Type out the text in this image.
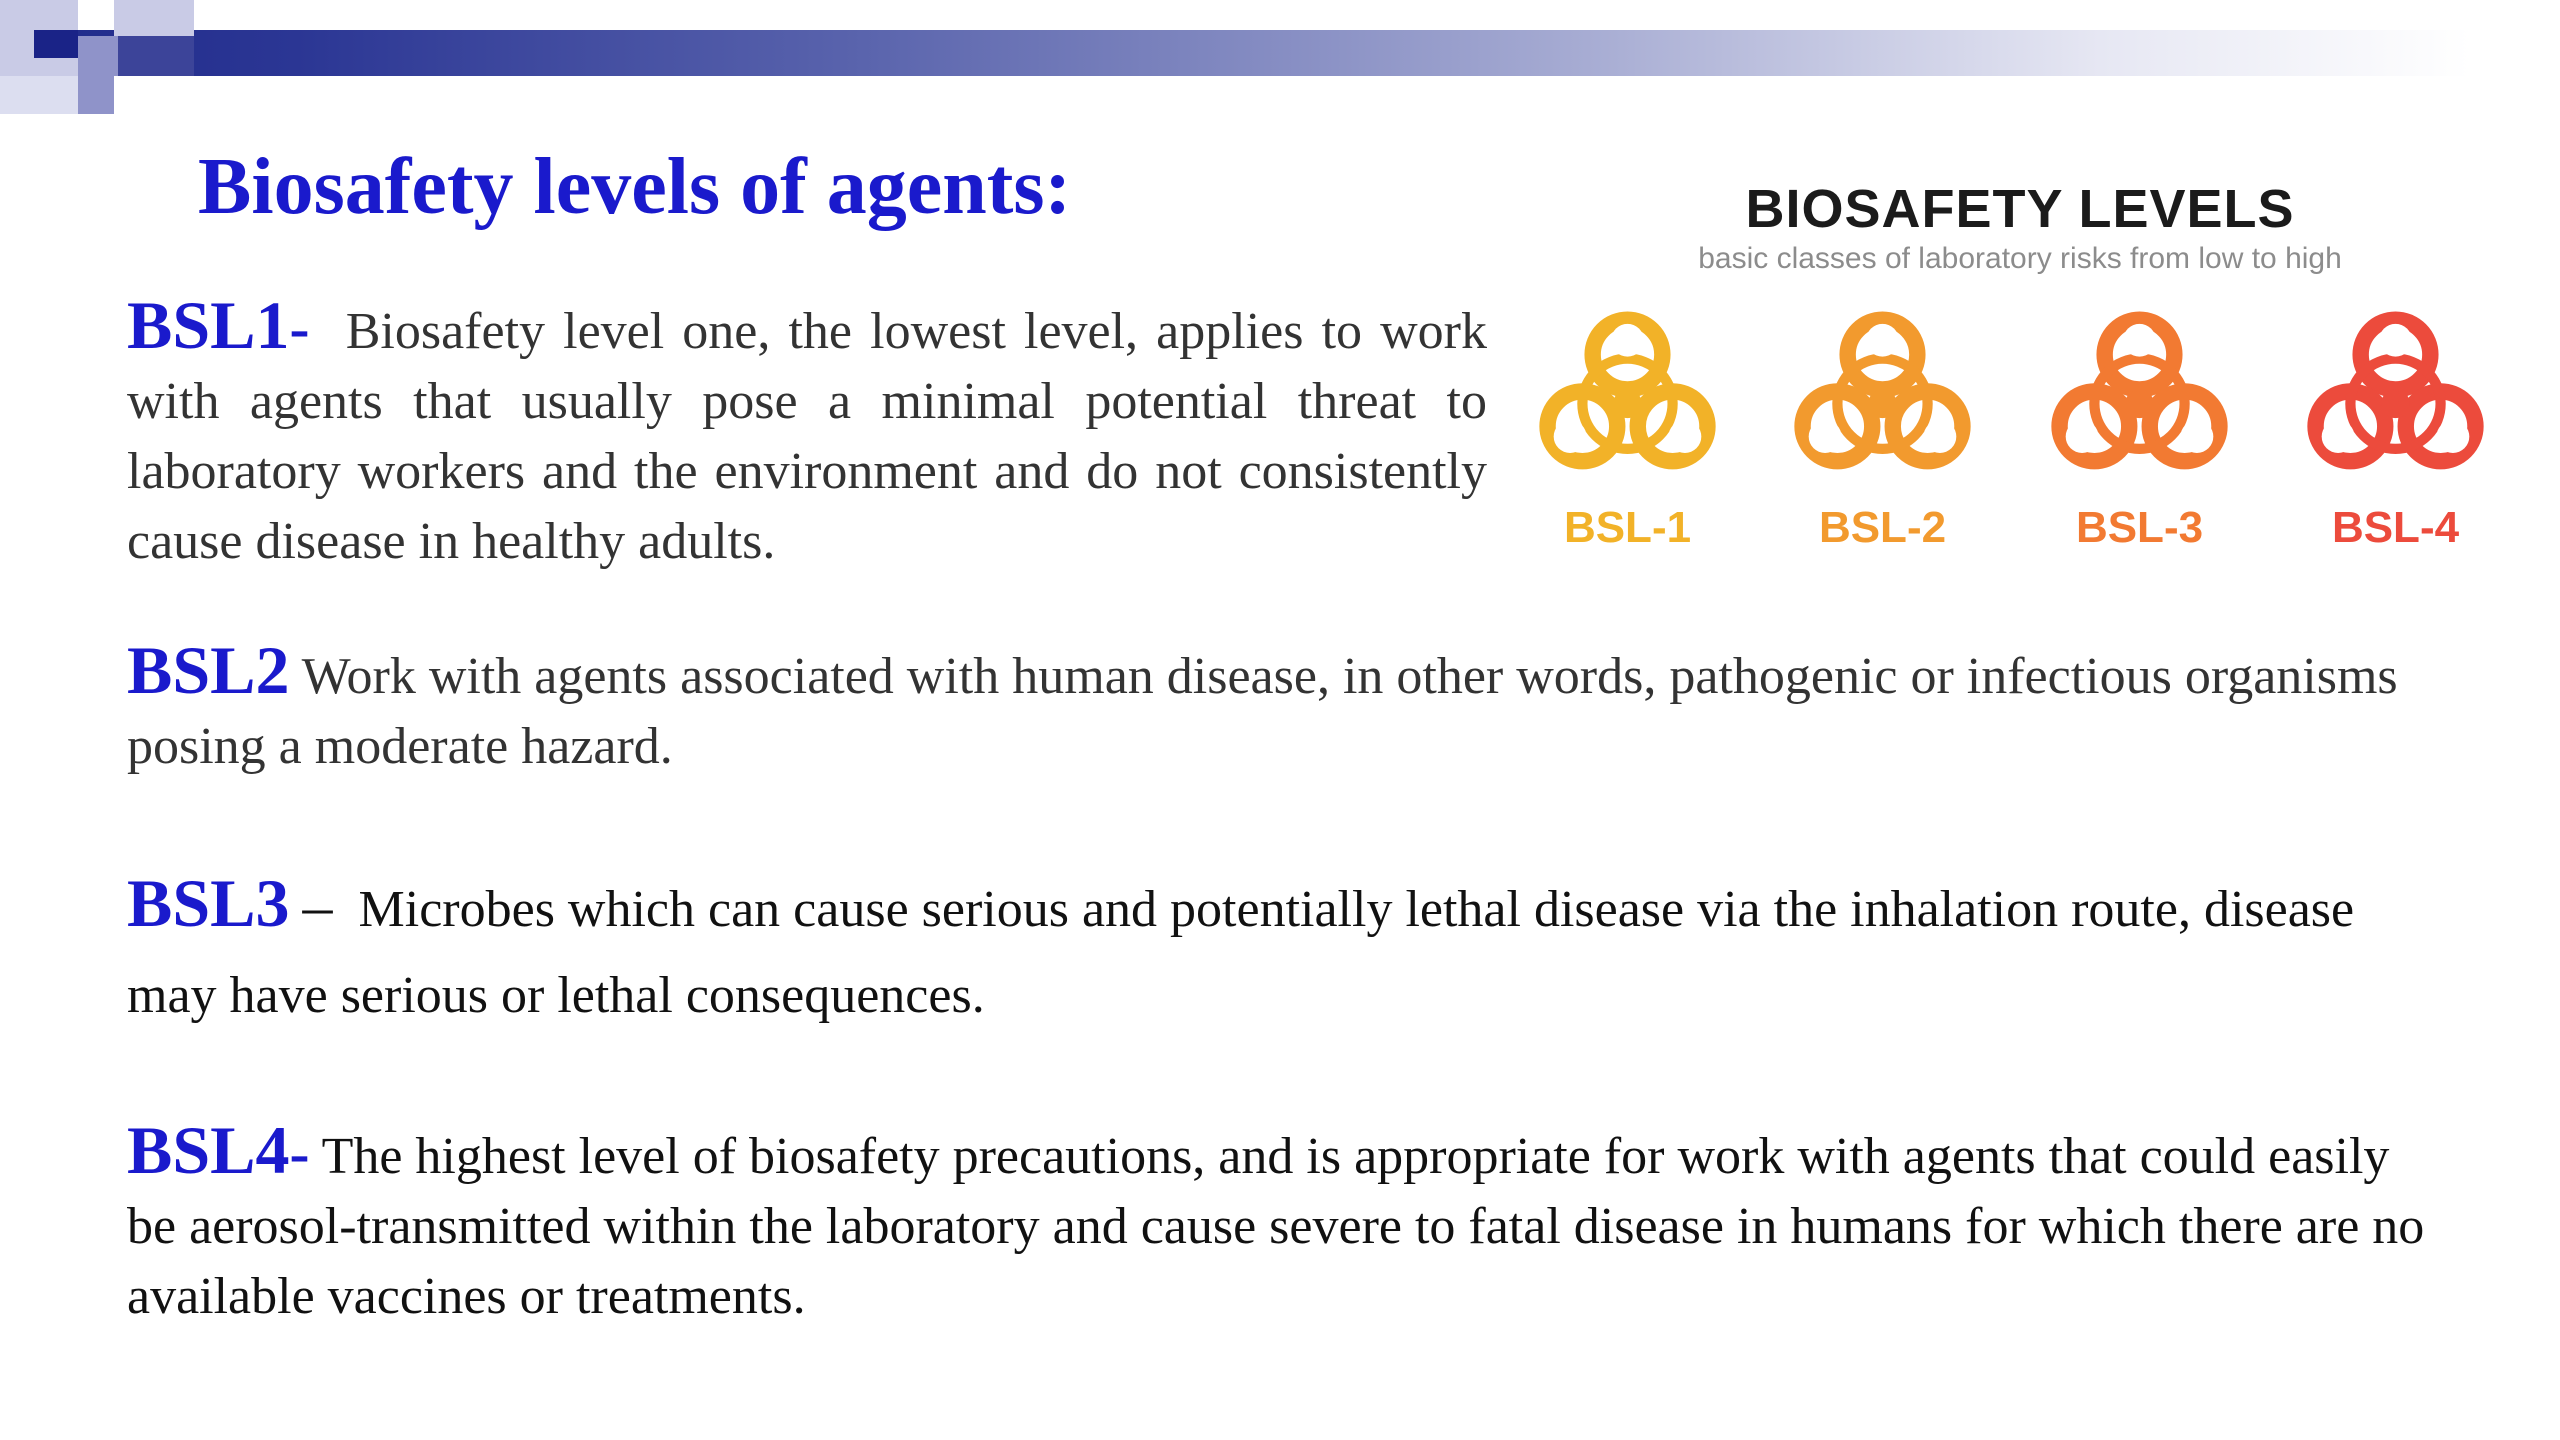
Biosafety levels of agents:

BSL1- Biosafety level one, the lowest level, applies to work with agents that usually pose a minimal potential threat to laboratory workers and the environment and do not consistently cause disease in healthy adults.

BSL2 Work with agents associated with human disease, in other words, pathogenic or infectious organisms posing a moderate hazard.

BSL3 – Microbes which can cause serious and potentially lethal disease via the inhalation route, disease may have serious or lethal consequences.

BSL4- The highest level of biosafety precautions, and is appropriate for work with agents that could easily be aerosol-transmitted within the laboratory and cause severe to fatal disease in humans for which there are no available vaccines or treatments.

BIOSAFETY LEVELS
basic classes of laboratory risks from low to high
BSL-1	BSL-2	BSL-3	BSL-4
